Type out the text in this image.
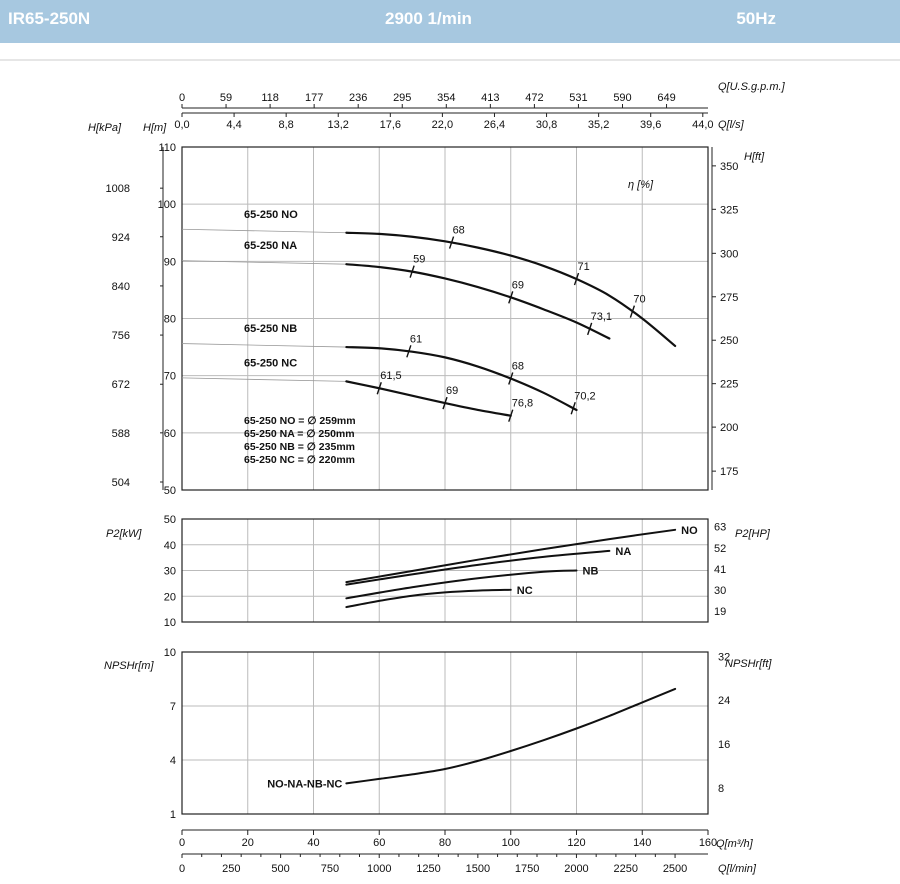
IR65-250N	2900 1/min	50Hz
0	59	118 177 236 295 354 413 472 531 590 649
Q[U.S.g.p.m.]
0,0	4,4	8,8	13,2	17,6	22,0	26,4	30,8	35,2	39,6	44,0 Q[l/s]
H[kPa] H[m]
50
60
70
80
90
100
110
504
588
672
756
840
924
1008
H[ft]
175
200
225
250
275
300
325
350
η [%]
65-250 NO
65-250 NA
65-250 NB
65-250 NC
68
71
70
59
69
73,1
61
68
70,2
61,5
69
76,8
65-250 NO = ∅ 259mm
65-250 NA = ∅ 250mm
65-250 NB = ∅ 235mm
65-250 NC = ∅ 220mm
P2[kW]
10
20
30
40
50
P2[HP]
19
30
41
52
63
NO
NA
NB
NC
NPSHr[m]
1
4
7
10
NPSHr[ft]
8
16
24
32
NO-NA-NB-NC
0	20	40	60	80	100	120	140	160
Q[m³/h]
0	250	500	750	1000 1250 1500 1750 2000 2250 2500	Q[l/min]
